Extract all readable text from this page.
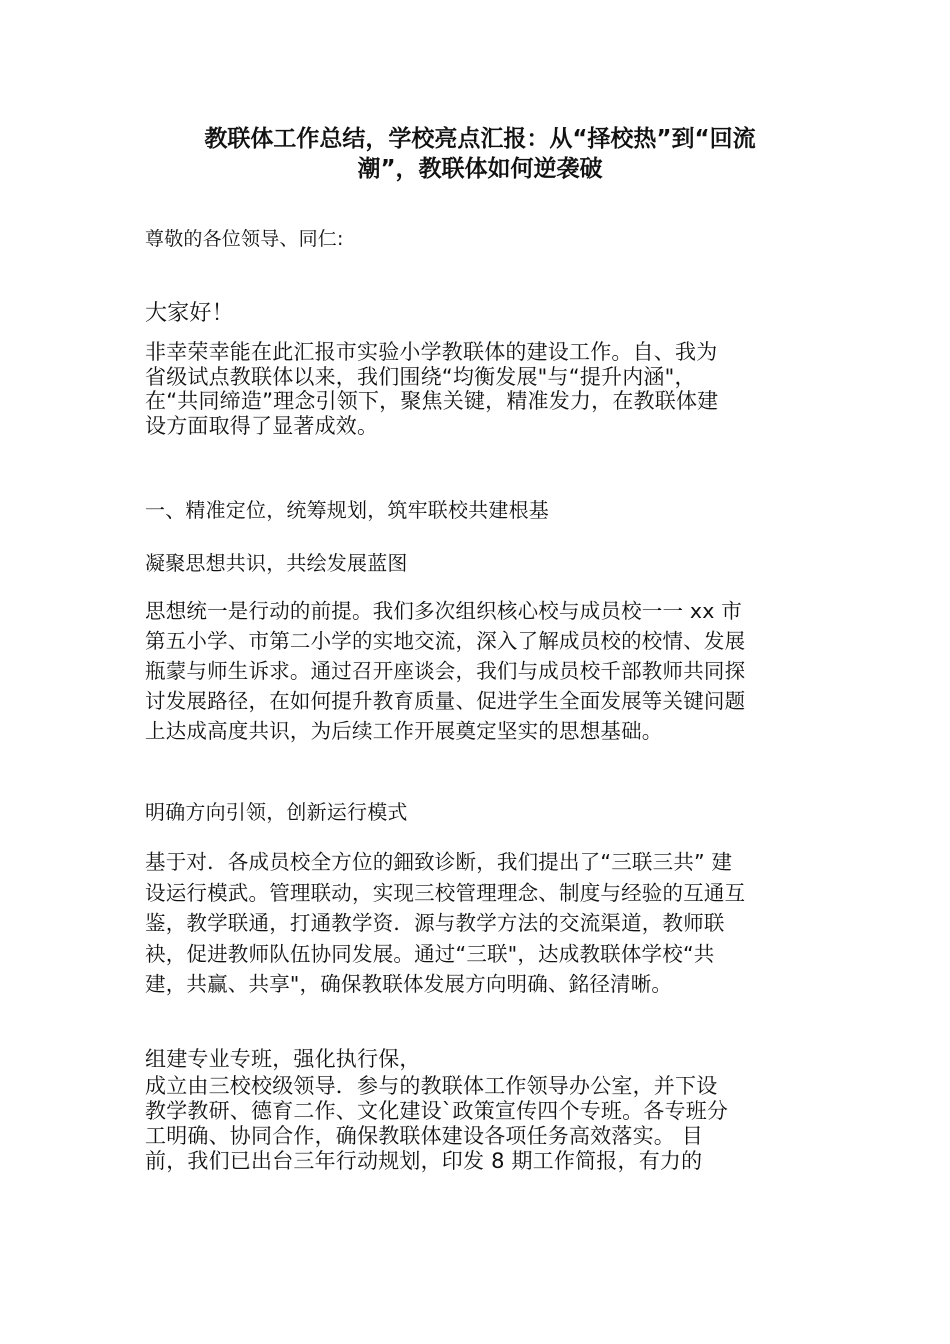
教联体工作总结，学校亮点汇报：从“择校热”到“回流
潮”，教联体如何逆袭破
尊敬的各位领导、同仁:
大家好！
非幸荣幸能在此汇报市实验小学教联体的建设工作。自、我为
省级试点教联体以来，我们围绕“均衡发展"与“提升内涵"，
在“共同缔造”理念引领下，聚焦关键，精准发力，在教联体建
设方面取得了显著成效。
一、精准定位，统筹规划，筑牢联校共建根基
凝聚思想共识，共绘发展蓝图
思想统一是行动的前提。我们多次组织核心校与成员校一一 xx 市
第五小学、市第二小学的实地交流，深入了解成员校的校情、发展
瓶蒙与师生诉求。通过召开座谈会，我们与成员校千部教师共同探
讨发展路径，在如何提升教育质量、促进学生全面发展等关键问题
上达成高度共识，为后续工作开展奠定坚实的思想基础。
明确方向引领，创新运行模式
基于对．各成员校全方位的鈿致诊断，我们提出了“三联三共” 建
设运行模武。管理联动，实现三校管理理念、制度与经验的互通互
鉴，教学联通，打通教学资．源与教学方法的交流渠道，教师联
袂，促进教师队伍协同发展。通过“三联"，达成教联体学校“共
建，共赢、共享"，确保教联体发展方向明确、銘径清晰。
组建专业专班，强化执行保，
成立由三校校级领导．参与的教联体工作领导办公室，并下设
教学教研、德育二作、文化建设`政策宣传四个专班。各专班分
工明确、协同合作，确保教联体建设各项任务高效落实。 目
前，我们已出台三年行动规划，印发 8 期工作简报，有力的
